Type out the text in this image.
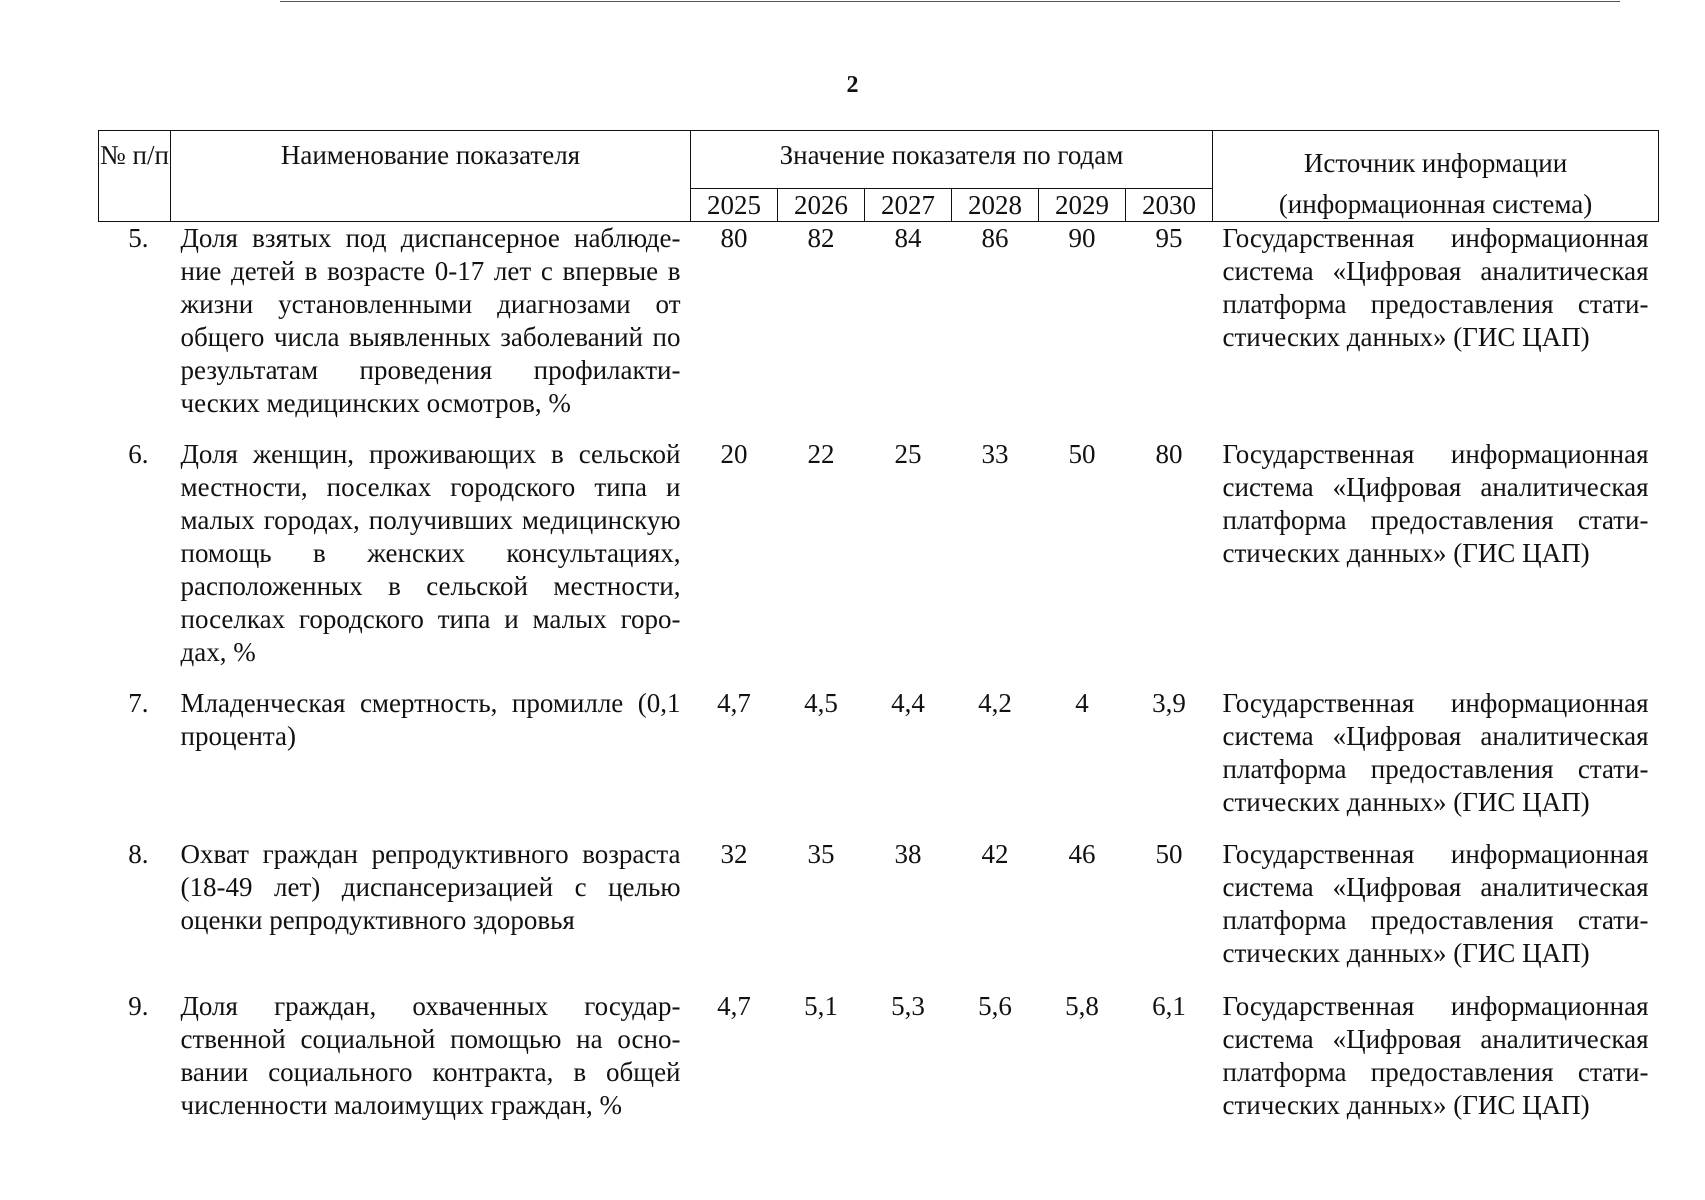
2
№ п/п	Наименование показателя	Значение показателя по годам						Источник информации
(информационная система)

		2025	2026	2027	2028	2029	2030	
5.	Доля взятых под диспансерное наблюдение детей в возрасте 0-17 лет с впервые в жизни установленными диагнозами от общего числа выявленных заболеваний по результатам проведения профилактических медицинских осмотров, %	80	82	84	86	90	95	Государственная информационная система «Цифровая аналитическая платформа предоставления статистических данных» (ГИС ЦАП)
6.	Доля женщин, проживающих в сельской местности, поселках городского типа и малых городах, получивших медицинскую помощь в женских консультациях, расположенных в сельской местности, поселках городского типа и малых городах, %	20	22	25	33	50	80	Государственная информационная система «Цифровая аналитическая платформа предоставления статистических данных» (ГИС ЦАП)
7.	Младенческая смертность, промилле (0,1 процента)	4,7	4,5	4,4	4,2	4	3,9	Государственная информационная система «Цифровая аналитическая платформа предоставления статистических данных» (ГИС ЦАП)
8.	Охват граждан репродуктивного возраста (18-49 лет) диспансеризацией с целью оценки репродуктивного здоровья	32	35	38	42	46	50	Государственная информационная система «Цифровая аналитическая платформа предоставления статистических данных» (ГИС ЦАП)
9.	Доля граждан, охваченных государственной социальной помощью на основании социального контракта, в общей численности малоимущих граждан, %	4,7	5,1	5,3	5,6	5,8	6,1	Государственная информационная система «Цифровая аналитическая платформа предоставления статистических данных» (ГИС ЦАП)
